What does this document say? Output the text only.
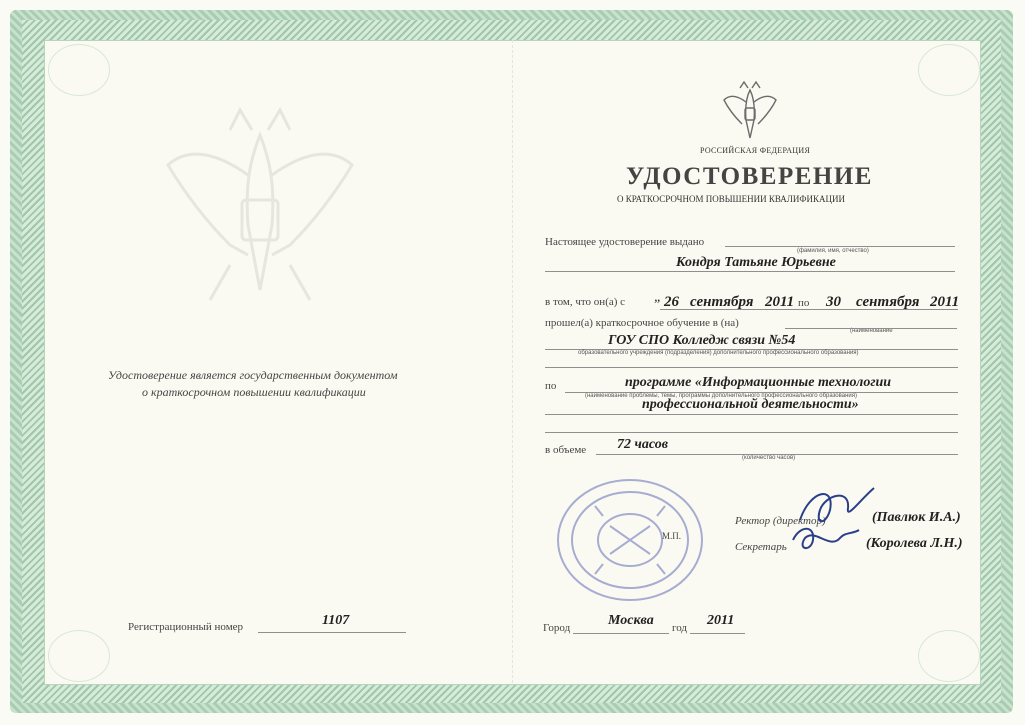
Удостоверение является государственным документом
о краткосрочном повышении квалификации
Регистрационный номер	1107
РОССИЙСКАЯ ФЕДЕРАЦИЯ
УДОСТОВЕРЕНИЕ
О КРАТКОСРОЧНОМ ПОВЫШЕНИИ КВАЛИФИКАЦИИ
Настоящее удостоверение выдано
(фамилия, имя, отчество)
Кондря Татьяне Юрьевне
в том, что он(а) с „ 26 сентября 2011 по 30 сентября 2011
прошел(а) краткосрочное обучение в (на)
(наименование
ГОУ СПО Колледж связи №54
образовательного учреждения (подразделения) дополнительного профессионального образования)
по	программе «Информационные технологии
(наименование проблемы, темы, программы дополнительного профессионального образования)
профессиональной деятельности»
в объеме 72 часов
(количество часов)
М.П.
Ректор (директор)	(Павлюк И.А.)
Секретарь	(Королева Л.Н.)
Город	Москва год 2011
